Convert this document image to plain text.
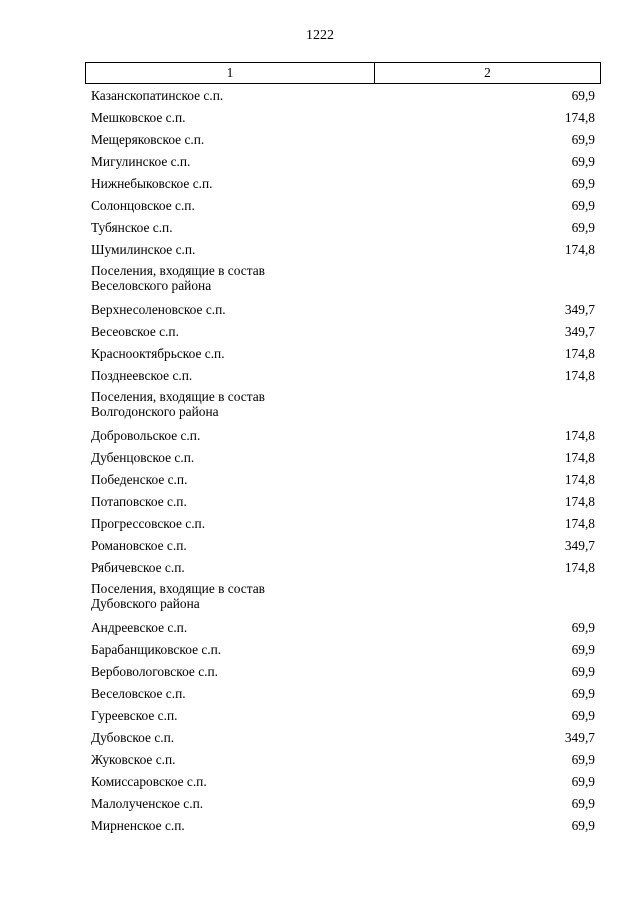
1222
1	2
Казанскопатинское с.п.	69,9
Мешковское с.п.	174,8
Мещеряковское с.п.	69,9
Мигулинское с.п.	69,9
Нижнебыковское с.п.	69,9
Солонцовское с.п.	69,9
Тубянское с.п.	69,9
Шумилинское с.п.	174,8
Поселения, входящие в состав
Веселовского района
Верхнесоленовское с.п.	349,7
Весеовское с.п.	349,7
Краснооктябрьское с.п.	174,8
Позднеевское с.п.	174,8
Поселения, входящие в состав
Волгодонского района
Добровольское с.п.	174,8
Дубенцовское с.п.	174,8
Победенское с.п.	174,8
Потаповское с.п.	174,8
Прогрессовское с.п.	174,8
Романовское с.п.	349,7
Рябичевское с.п.	174,8
Поселения, входящие в состав
Дубовского района
Андреевское с.п.	69,9
Барабанщиковское с.п.	69,9
Вербовологовское с.п.	69,9
Веселовское с.п.	69,9
Гуреевское с.п.	69,9
Дубовское с.п.	349,7
Жуковское с.п.	69,9
Комиссаровское с.п.	69,9
Малолученское с.п.	69,9
Мирненское с.п.	69,9
